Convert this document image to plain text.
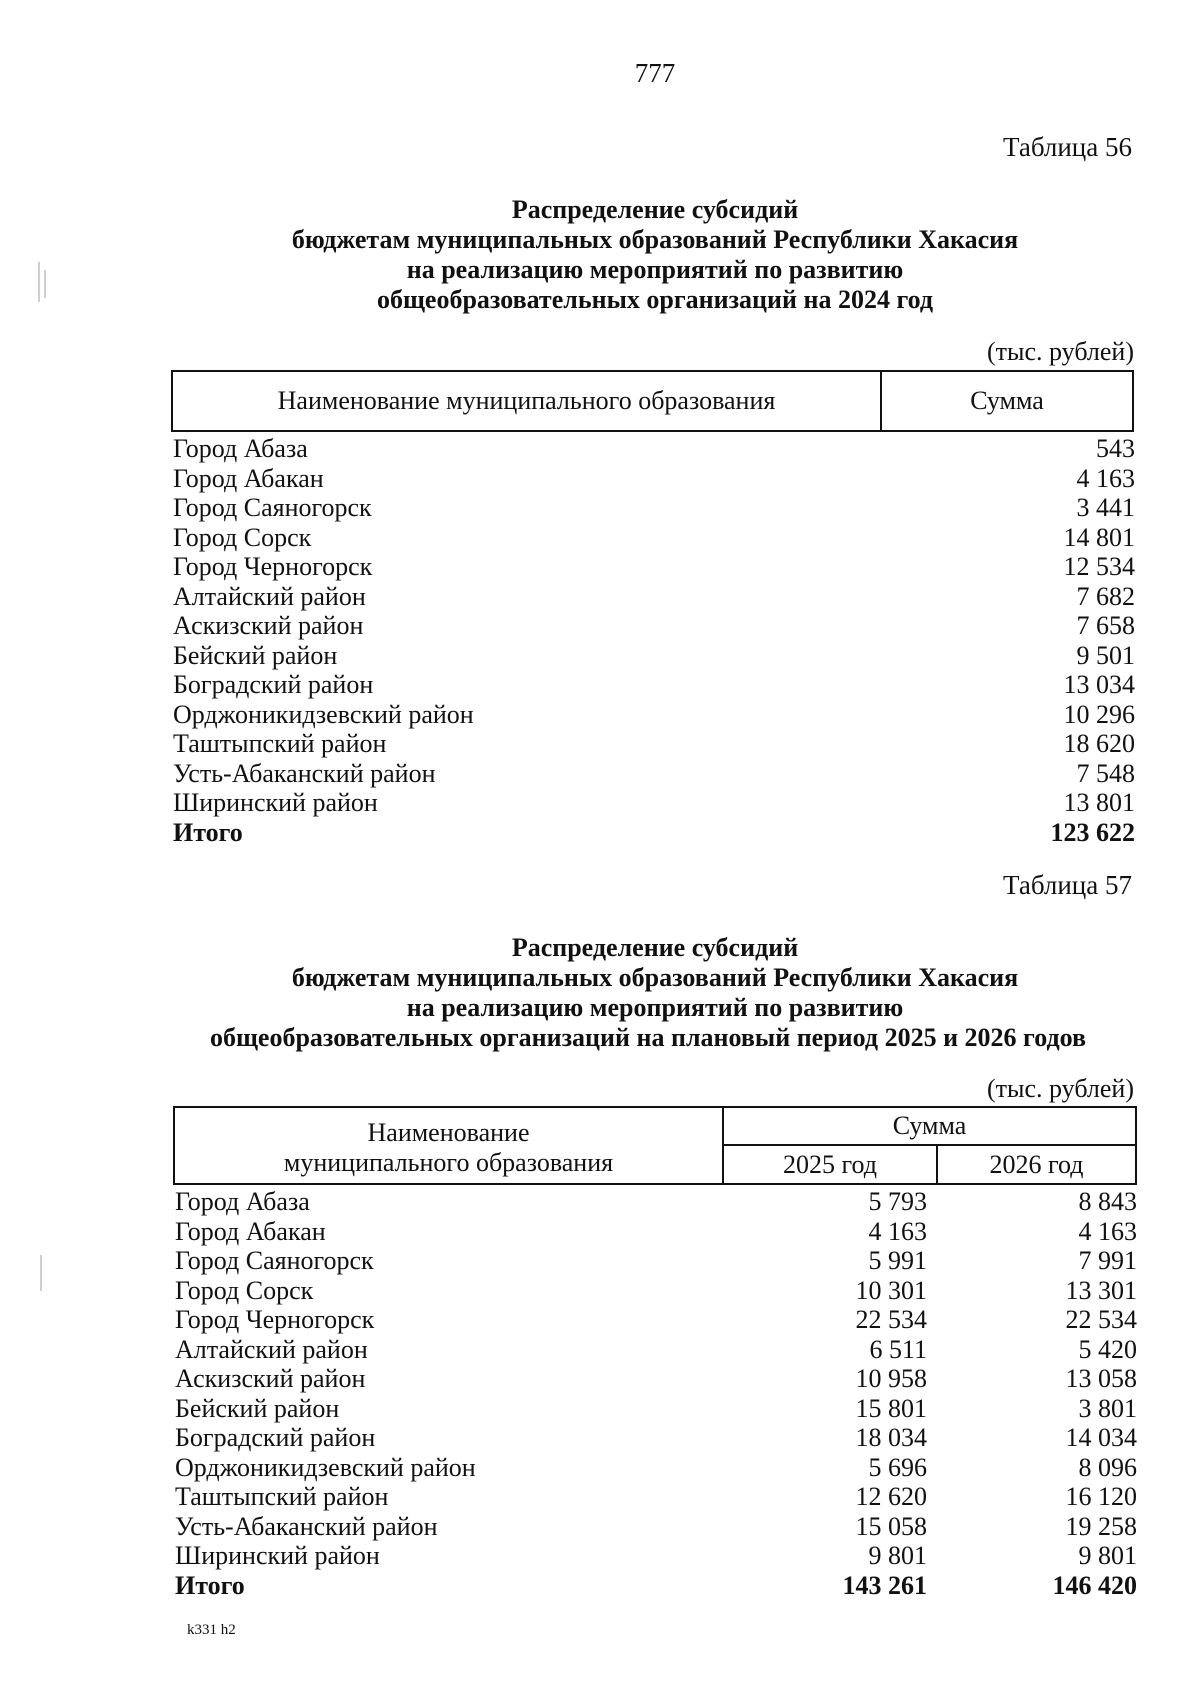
777
Таблица 56
Распределение субсидий
бюджетам муниципальных образований Республики Хакасия
на реализацию мероприятий по развитию
общеобразовательных организаций на 2024 год
(тыс. рублей)
Наименование муниципального образования	Сумма
Город Абаза	543
Город Абакан	4 163
Город Саяногорск	3 441
Город Сорск	14 801
Город Черногорск	12 534
Алтайский район	7 682
Аскизский район	7 658
Бейский район	9 501
Боградский район	13 034
Орджоникидзевский район	10 296
Таштыпский район	18 620
Усть-Абаканский район	7 548
Ширинский район	13 801
Итого	123 622
Таблица 57
Распределение субсидий
бюджетам муниципальных образований Республики Хакасия
на реализацию мероприятий по развитию
общеобразовательных организаций на плановый период 2025 и 2026 годов
(тыс. рублей)
Наименование
муниципального образования
Сумма
2025 год	2026 год
Город Абаза	5 793	8 843
Город Абакан	4 163	4 163
Город Саяногорск	5 991	7 991
Город Сорск	10 301	13 301
Город Черногорск	22 534	22 534
Алтайский район	6 511	5 420
Аскизский район	10 958	13 058
Бейский район	15 801	3 801
Боградский район	18 034	14 034
Орджоникидзевский район	5 696	8 096
Таштыпский район	12 620	16 120
Усть-Абаканский район	15 058	19 258
Ширинский район	9 801	9 801
Итого	143 261	146 420
k331 h2
